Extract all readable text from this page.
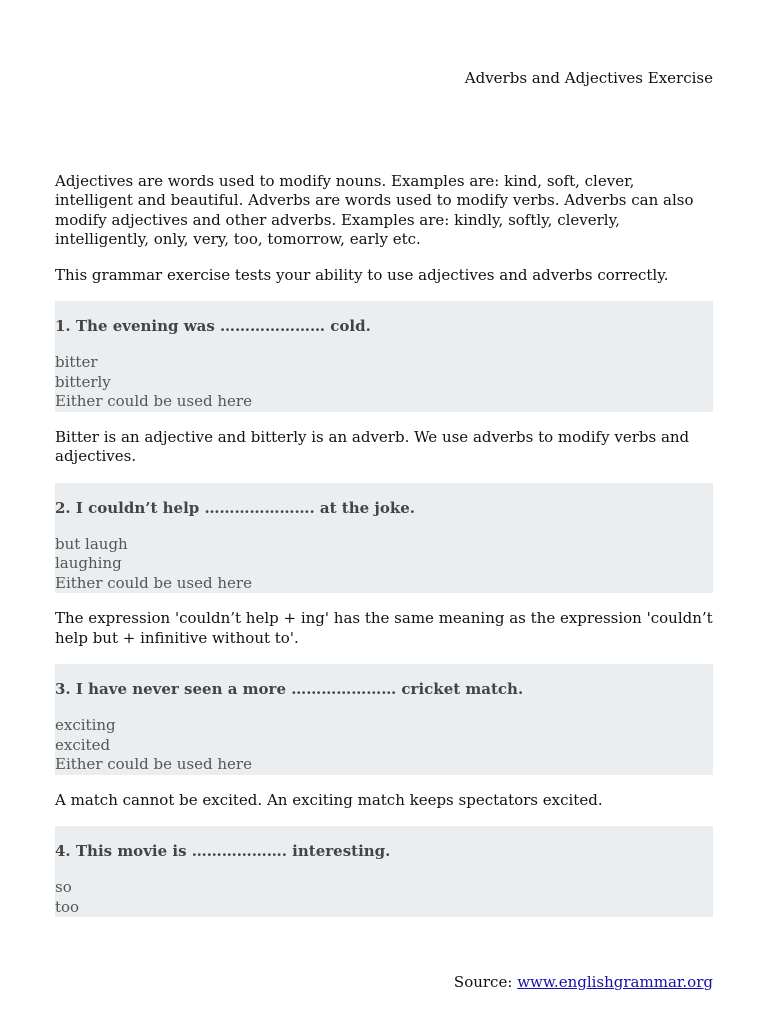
Adverbs and Adjectives Exercise

Adjectives are words used to modify nouns. Examples are: kind, soft, clever, intelligent and beautiful. Adverbs are words used to modify verbs. Adverbs can also modify adjectives and other adverbs. Examples are: kindly, softly, cleverly, intelligently, only, very, too, tomorrow, early etc.

This grammar exercise tests your ability to use adjectives and adverbs correctly.

1. The evening was ………………… cold.
bitter
bitterly
Either could be used here

Bitter is an adjective and bitterly is an adverb. We use adverbs to modify verbs and adjectives.

2. I couldn’t help …………………. at the joke.
but laugh
laughing
Either could be used here

The expression 'couldn’t help + ing' has the same meaning as the expression 'couldn’t help but + infinitive without to'.

3. I have never seen a more ………………… cricket match.
exciting
excited
Either could be used here

A match cannot be excited. An exciting match keeps spectators excited.

4. This movie is ………………. interesting.
so
too
Source: www.englishgrammar.org
